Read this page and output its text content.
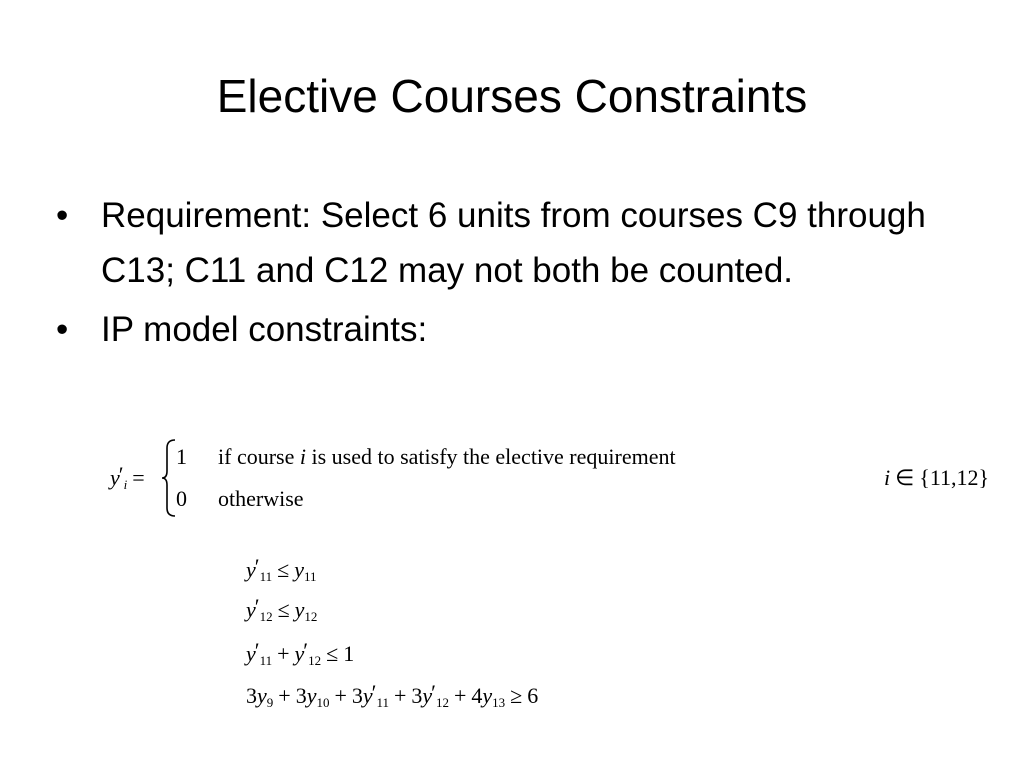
Elective Courses Constraints
• Requirement: Select 6 units from courses C9 through C13; C11 and C12 may not both be counted.
• IP model constraints:
$y'_i$ =
1 if course i is used to satisfy the elective requirement
0 otherwise
i ∈ {11,12}
$y'_{11} \le y_{11}$
$y'_{12} \le y_{12}$
$y'_{11} + y'_{12} \le 1$
$3y_9 + 3y_{10} + 3y'_{11} + 3y'_{12} + 4y_{13} \ge 6$
